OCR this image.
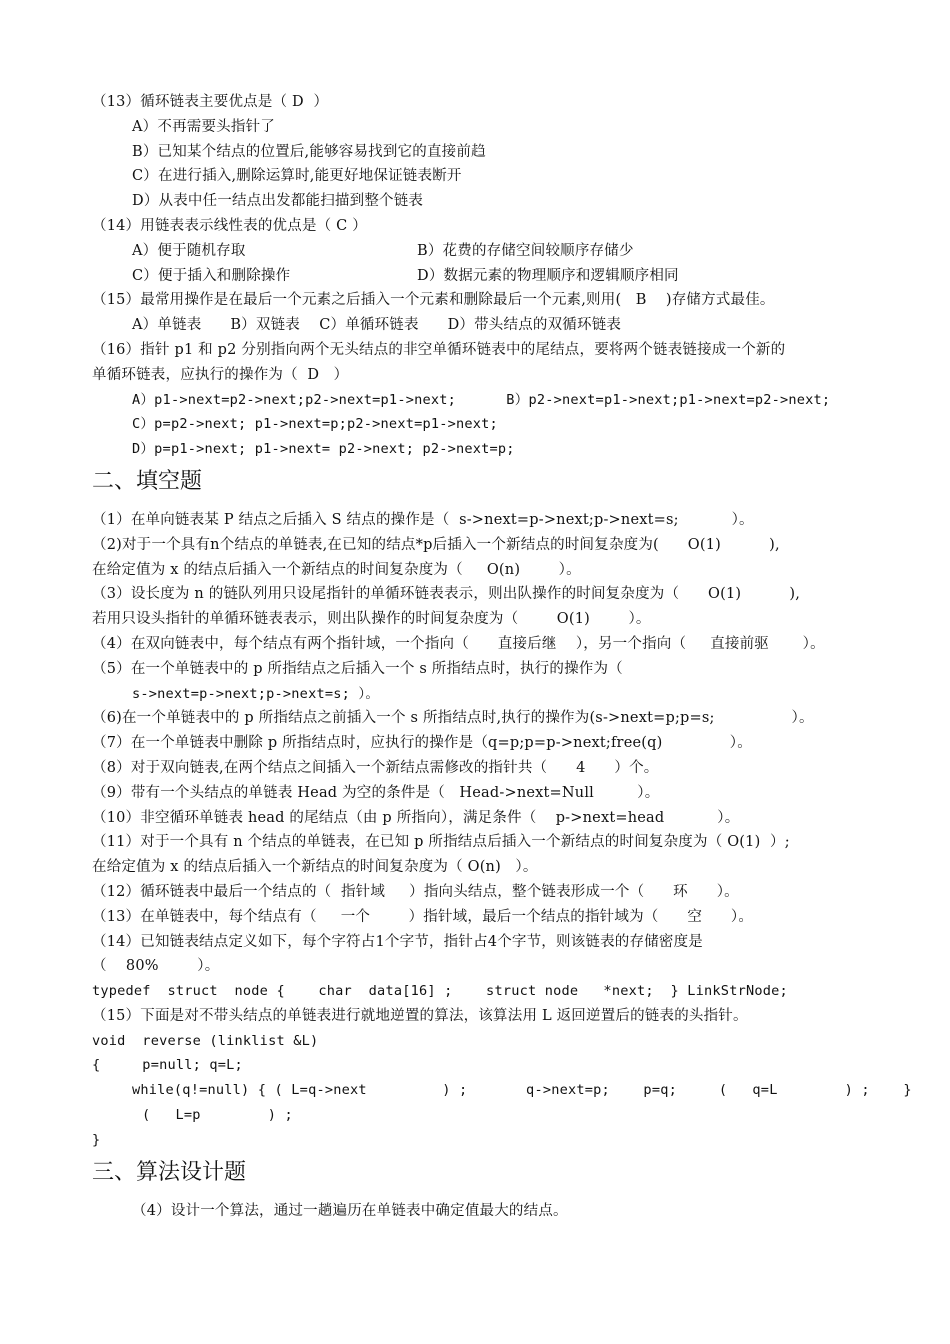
（13）循环链表主要优点是（ D  ）
A）不再需要头指针了
B）已知某个结点的位置后,能够容易找到它的直接前趋
C）在进行插入,删除运算时,能更好地保证链表断开
D）从表中任一结点出发都能扫描到整个链表
（14）用链表表示线性表的优点是（ C ）
A）便于随机存取	B）花费的存储空间较顺序存储少
C）便于插入和删除操作	D）数据元素的物理顺序和逻辑顺序相同
（15）最常用操作是在最后一个元素之后插入一个元素和删除最后一个元素,则用(   B    )存储方式最佳。
A）单链表      B）双链表    C）单循环链表      D）带头结点的双循环链表
（16）指针 p1 和 p2 分别指向两个无头结点的非空单循环链表中的尾结点，要将两个链表链接成一个新的
单循环链表，应执行的操作为（  D   ）
A）p1->next=p2->next;p2->next=p1->next;      B）p2->next=p1->next;p1->next=p2->next;
C）p=p2->next; p1->next=p;p2->next=p1->next;
D）p=p1->next; p1->next= p2->next; p2->next=p;
二、填空题
（1）在单向链表某 P 结点之后插入 S 结点的操作是（  s->next=p->next;p->next=s;           ）。
（2)对于一个具有n个结点的单链表,在已知的结点*p后插入一个新结点的时间复杂度为(      O(1)          ),
在给定值为 x 的结点后插入一个新结点的时间复杂度为（     O(n)        ）。
（3）设长度为 n 的链队列用只设尾指针的单循环链表表示，则出队操作的时间复杂度为（      O(1)          ),
若用只设头指针的单循环链表表示，则出队操作的时间复杂度为（        O(1)        ）。
（4）在双向链表中，每个结点有两个指针域，一个指向（      直接后继    ），另一个指向（     直接前驱       ）。
（5）在一个单链表中的 p 所指结点之后插入一个 s 所指结点时，执行的操作为（
s->next=p->next;p->next=s; ）。
（6)在一个单链表中的 p 所指结点之前插入一个 s 所指结点时,执行的操作为(s->next=p;p=s;                ）。
（7）在一个单链表中删除 p 所指结点时，应执行的操作是（q=p;p=p->next;free(q)              ）。
（8）对于双向链表,在两个结点之间插入一个新结点需修改的指针共（      4      ）个。
（9）带有一个头结点的单链表 Head 为空的条件是（   Head->next=Null         ）。
（10）非空循环单链表 head 的尾结点（由 p 所指向），满足条件（    p->next=head           ）。
（11）对于一个具有 n 个结点的单链表，在已知 p 所指结点后插入一个新结点的时间复杂度为（ O(1)  ）;
在给定值为 x 的结点后插入一个新结点的时间复杂度为（ O(n)   ）。
（12）循环链表中最后一个结点的（  指针域     ）指向头结点，整个链表形成一个（      环      ）。
（13）在单链表中，每个结点有（     一个        ）指针域，最后一个结点的指针域为（      空      ）。
（14）已知链表结点定义如下，每个字符占1个字节，指针占4个字节，则该链表的存储密度是
（    80%        ）。
typedef  struct  node {    char  data[16] ;    struct node   *next;  } LinkStrNode;
（15）下面是对不带头结点的单链表进行就地逆置的算法，该算法用 L 返回逆置后的链表的头指针。
void  reverse (linklist &L)
{     p=null; q=L;
while(q!=null) { ( L=q->next         ) ;       q->next=p;    p=q;     (   q=L        ) ;    }
(   L=p        ) ;
}
三、算法设计题
（4）设计一个算法，通过一趟遍历在单链表中确定值最大的结点。
